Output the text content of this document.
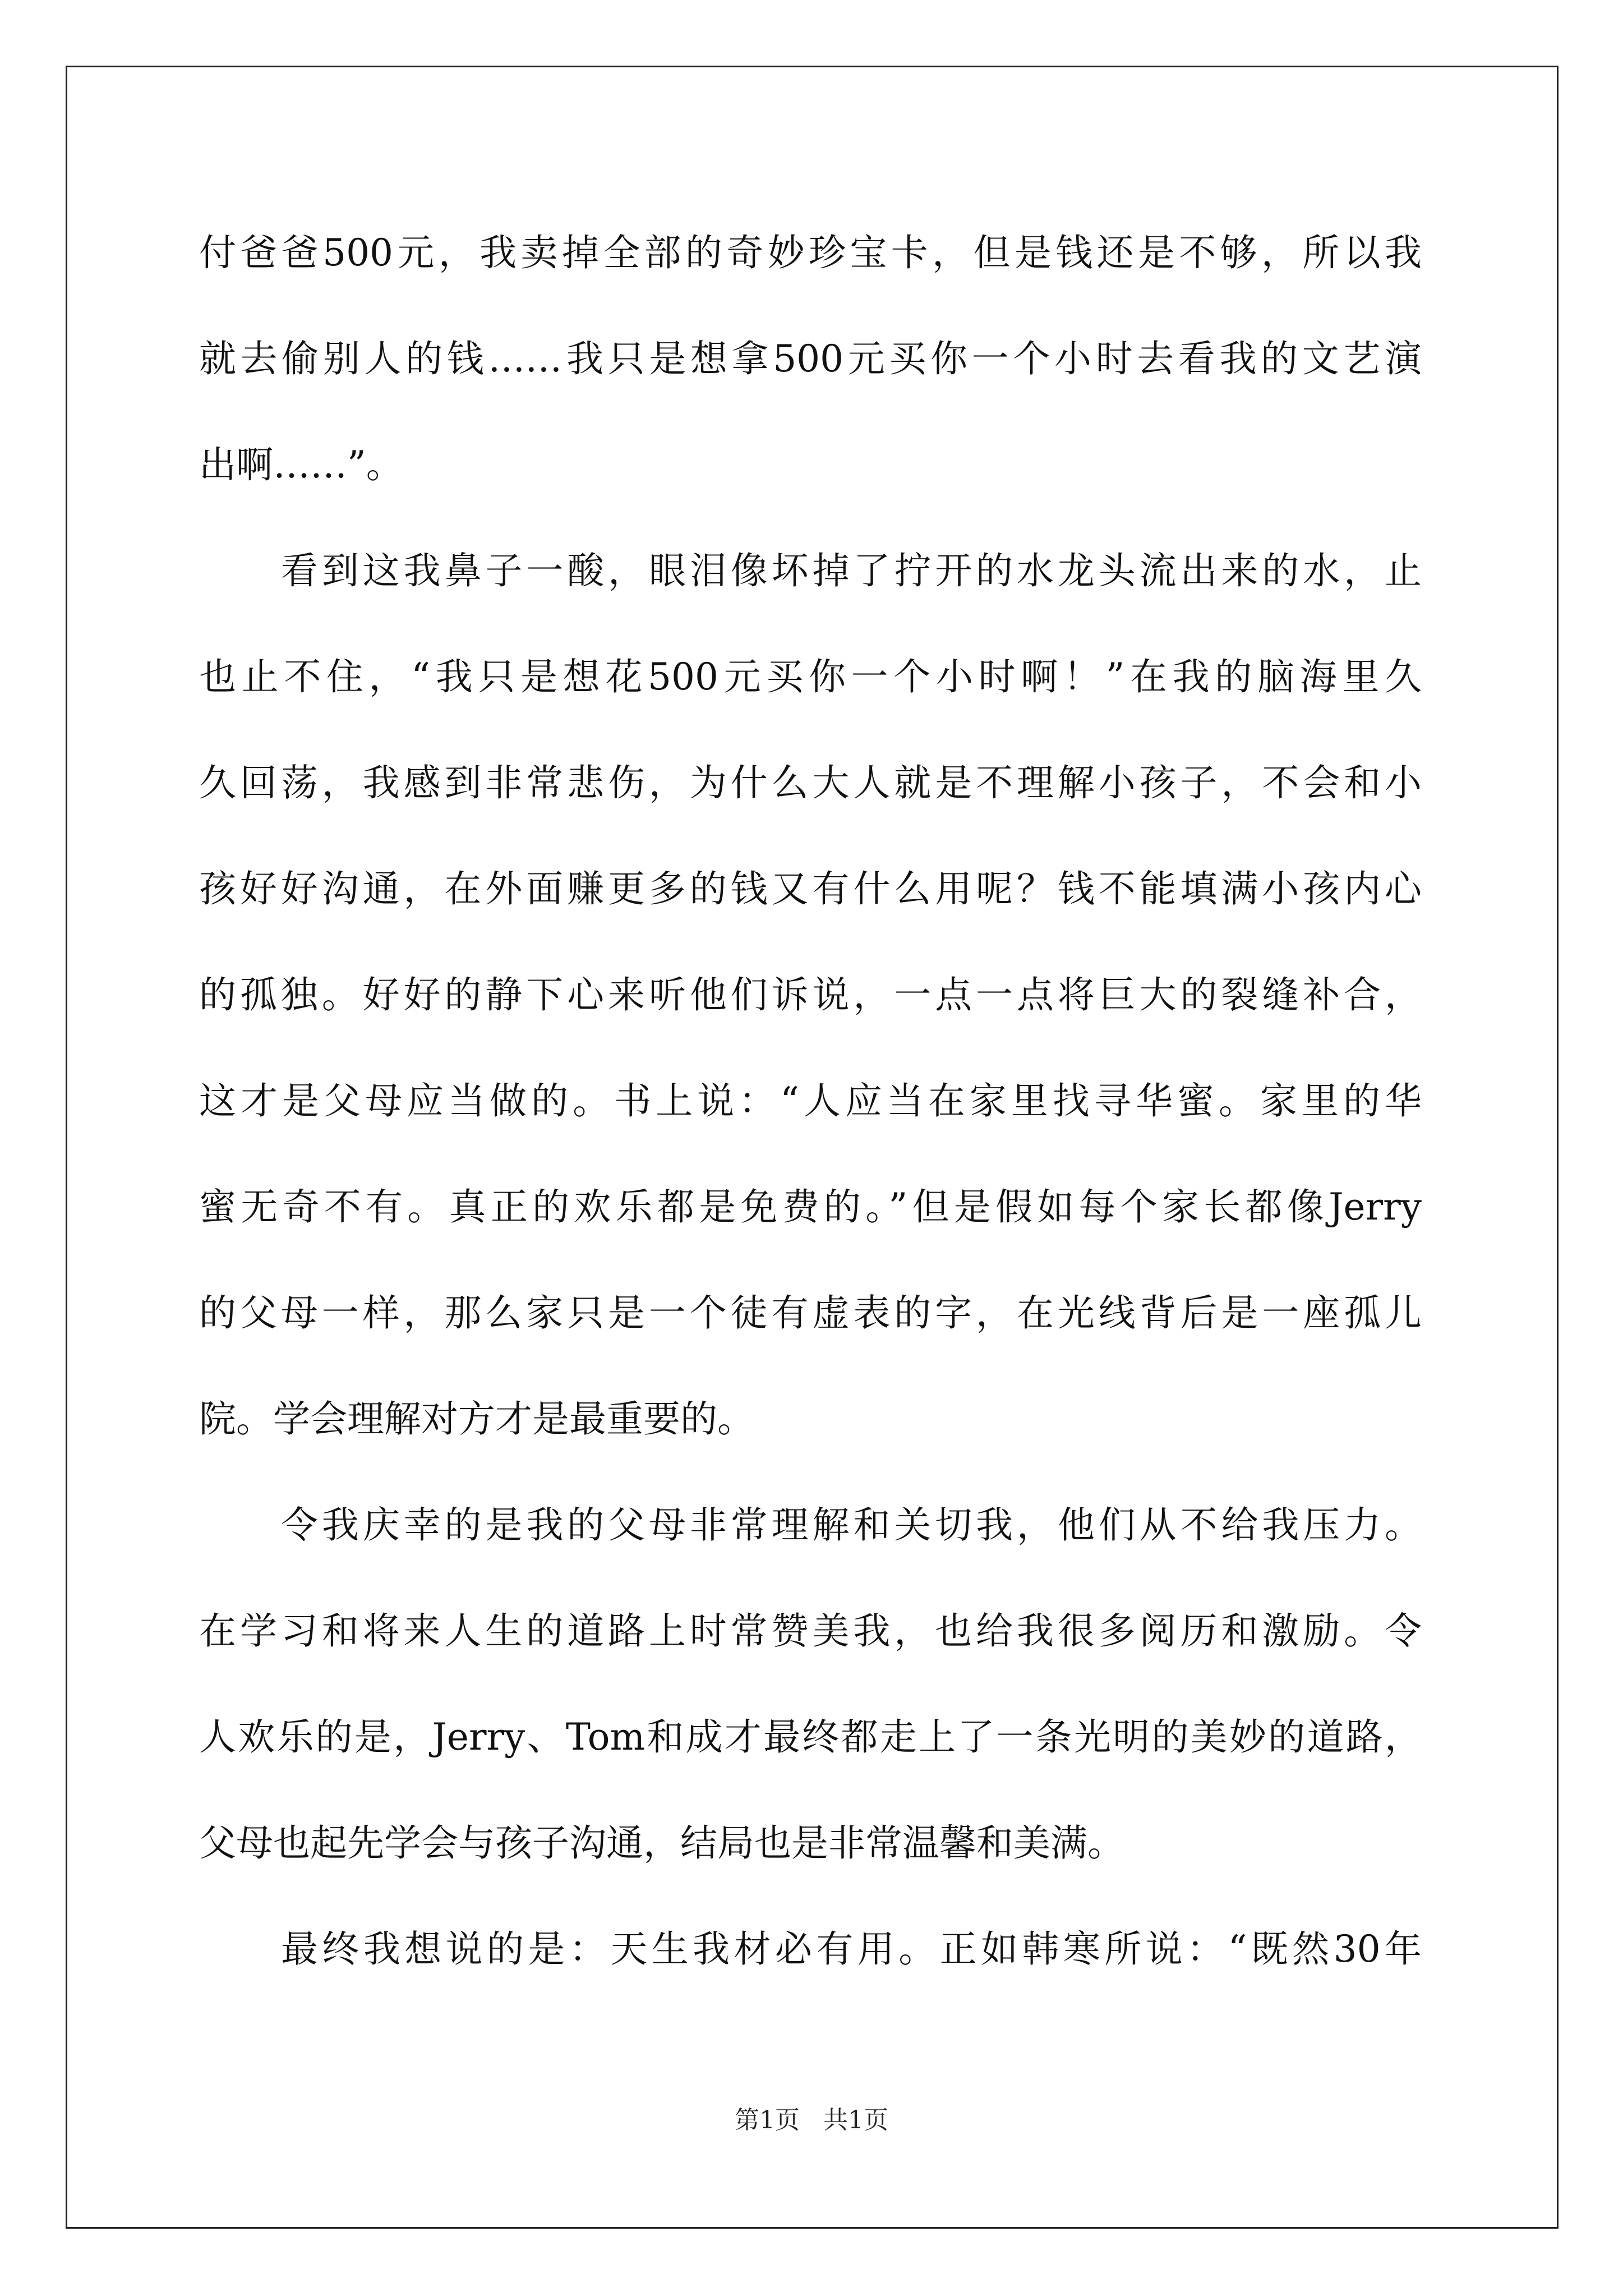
付爸爸500元，我卖掉全部的奇妙珍宝卡，但是钱还是不够，所以我
就去偷别人的钱……我只是想拿500元买你一个小时去看我的文艺演
出啊……”。
看到这我鼻子一酸，眼泪像坏掉了拧开的水龙头流出来的水，止
也止不住，“我只是想花500元买你一个小时啊！”在我的脑海里久
久回荡，我感到非常悲伤，为什么大人就是不理解小孩子，不会和小
孩好好沟通，在外面赚更多的钱又有什么用呢？钱不能填满小孩内心
的孤独。好好的静下心来听他们诉说，一点一点将巨大的裂缝补合，
这才是父母应当做的。书上说：“人应当在家里找寻华蜜。家里的华
蜜无奇不有。真正的欢乐都是免费的。”但是假如每个家长都像Jerry
的父母一样，那么家只是一个徒有虚表的字，在光线背后是一座孤儿
院。学会理解对方才是最重要的。
令我庆幸的是我的父母非常理解和关切我，他们从不给我压力。
在学习和将来人生的道路上时常赞美我，也给我很多阅历和激励。令
人欢乐的是，Jerry、Tom和成才最终都走上了一条光明的美妙的道路，
父母也起先学会与孩子沟通，结局也是非常温馨和美满。
最终我想说的是：天生我材必有用。正如韩寒所说：“既然30年
第1页   共1页
